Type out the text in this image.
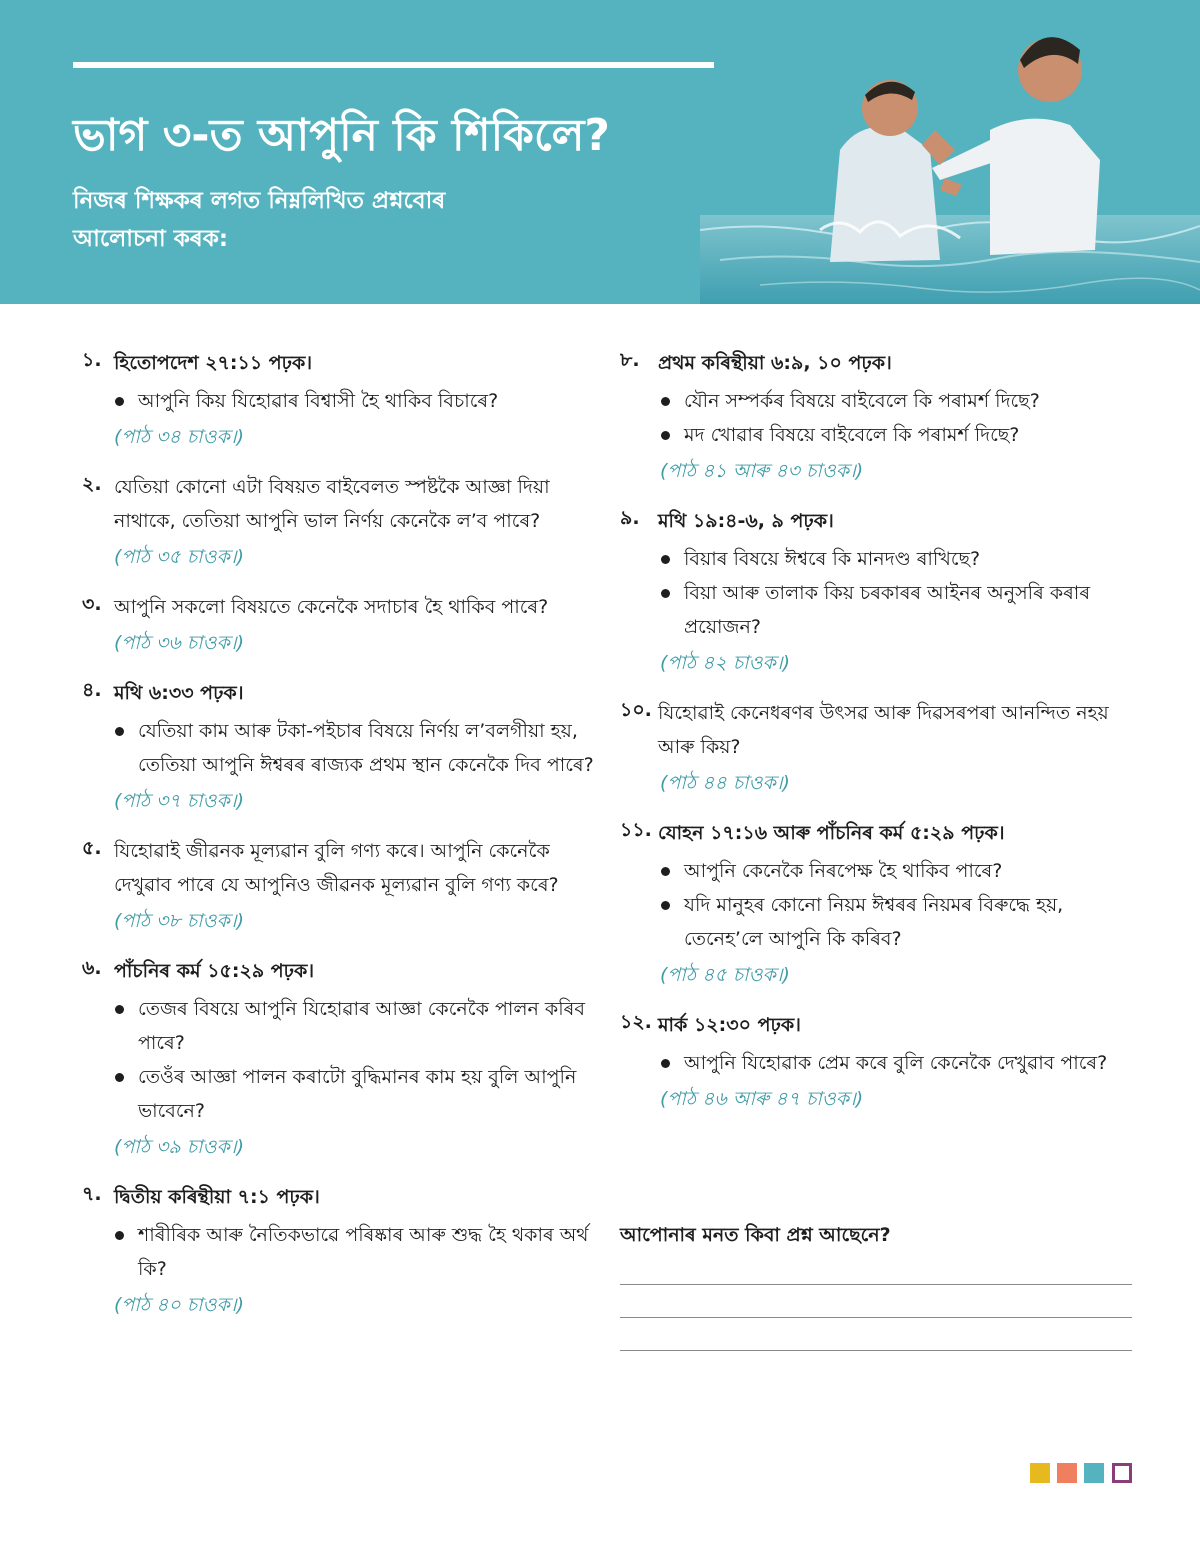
ভাগ ৩-ত আপুনি কি শিকিলে?
নিজৰ শিক্ষকৰ লগত নিম্নলিখিত প্ৰশ্নবোৰ আলোচনা কৰক:
১. হিতোপদেশ ২৭:১১ পঢ়ক।
আপুনি কিয় যিহোৱাৰ বিশ্বাসী হৈ থাকিব বিচাৰে?
(পাঠ ৩৪ চাওক।)
২. যেতিয়া কোনো এটা বিষয়ত বাইবেলত স্পষ্টকৈ আজ্ঞা দিয়া নাথাকে, তেতিয়া আপুনি ভাল নিৰ্ণয় কেনেকৈ ল’ব পাৰে?
(পাঠ ৩৫ চাওক।)
৩. আপুনি সকলো বিষয়তে কেনেকৈ সদাচাৰ হৈ থাকিব পাৰে?
(পাঠ ৩৬ চাওক।)
৪. মথি ৬:৩৩ পঢ়ক।
যেতিয়া কাম আৰু টকা-পইচাৰ বিষয়ে নিৰ্ণয় ল’বলগীয়া হয়, তেতিয়া আপুনি ঈশ্বৰৰ ৰাজ্যক প্ৰথম স্থান কেনেকৈ দিব পাৰে?
(পাঠ ৩৭ চাওক।)
৫. যিহোৱাই জীৱনক মূল্যৱান বুলি গণ্য কৰে। আপুনি কেনেকৈ দেখুৱাব পাৰে যে আপুনিও জীৱনক মূল্যৱান বুলি গণ্য কৰে?
(পাঠ ৩৮ চাওক।)
৬. পাঁচনিৰ কৰ্ম ১৫:২৯ পঢ়ক।
তেজৰ বিষয়ে আপুনি যিহোৱাৰ আজ্ঞা কেনেকৈ পালন কৰিব পাৰে?
তেওঁৰ আজ্ঞা পালন কৰাটো বুদ্ধিমানৰ কাম হয় বুলি আপুনি ভাবেনে?
(পাঠ ৩৯ চাওক।)
৭. দ্বিতীয় কৰিন্থীয়া ৭:১ পঢ়ক।
শাৰীৰিক আৰু নৈতিকভাৱে পৰিষ্কাৰ আৰু শুদ্ধ হৈ থকাৰ অৰ্থ কি?
(পাঠ ৪০ চাওক।)
৮. প্ৰথম কৰিন্থীয়া ৬:৯, ১০ পঢ়ক।
যৌন সম্পৰ্কৰ বিষয়ে বাইবেলে কি পৰামৰ্শ দিছে?
মদ খোৱাৰ বিষয়ে বাইবেলে কি পৰামৰ্শ দিছে?
(পাঠ ৪১ আৰু ৪৩ চাওক।)
৯. মথি ১৯:৪-৬, ৯ পঢ়ক।
বিয়াৰ বিষয়ে ঈশ্বৰে কি মানদণ্ড ৰাখিছে?
বিয়া আৰু তালাক কিয় চৰকাৰৰ আইনৰ অনুসৰি কৰাৰ প্ৰয়োজন?
(পাঠ ৪২ চাওক।)
১০. যিহোৱাই কেনেধৰণৰ উৎসৱ আৰু দিৱসৰপৰা আনন্দিত নহয় আৰু কিয়?
(পাঠ ৪৪ চাওক।)
১১. যোহন ১৭:১৬ আৰু পাঁচনিৰ কৰ্ম ৫:২৯ পঢ়ক।
আপুনি কেনেকৈ নিৰপেক্ষ হৈ থাকিব পাৰে?
যদি মানুহৰ কোনো নিয়ম ঈশ্বৰৰ নিয়মৰ বিৰুদ্ধে হয়, তেনেহ’লে আপুনি কি কৰিব?
(পাঠ ৪৫ চাওক।)
১২. মাৰ্ক ১২:৩০ পঢ়ক।
আপুনি যিহোৱাক প্ৰেম কৰে বুলি কেনেকৈ দেখুৱাব পাৰে?
(পাঠ ৪৬ আৰু ৪৭ চাওক।)
আপোনাৰ মনত কিবা প্ৰশ্ন আছেনে?
